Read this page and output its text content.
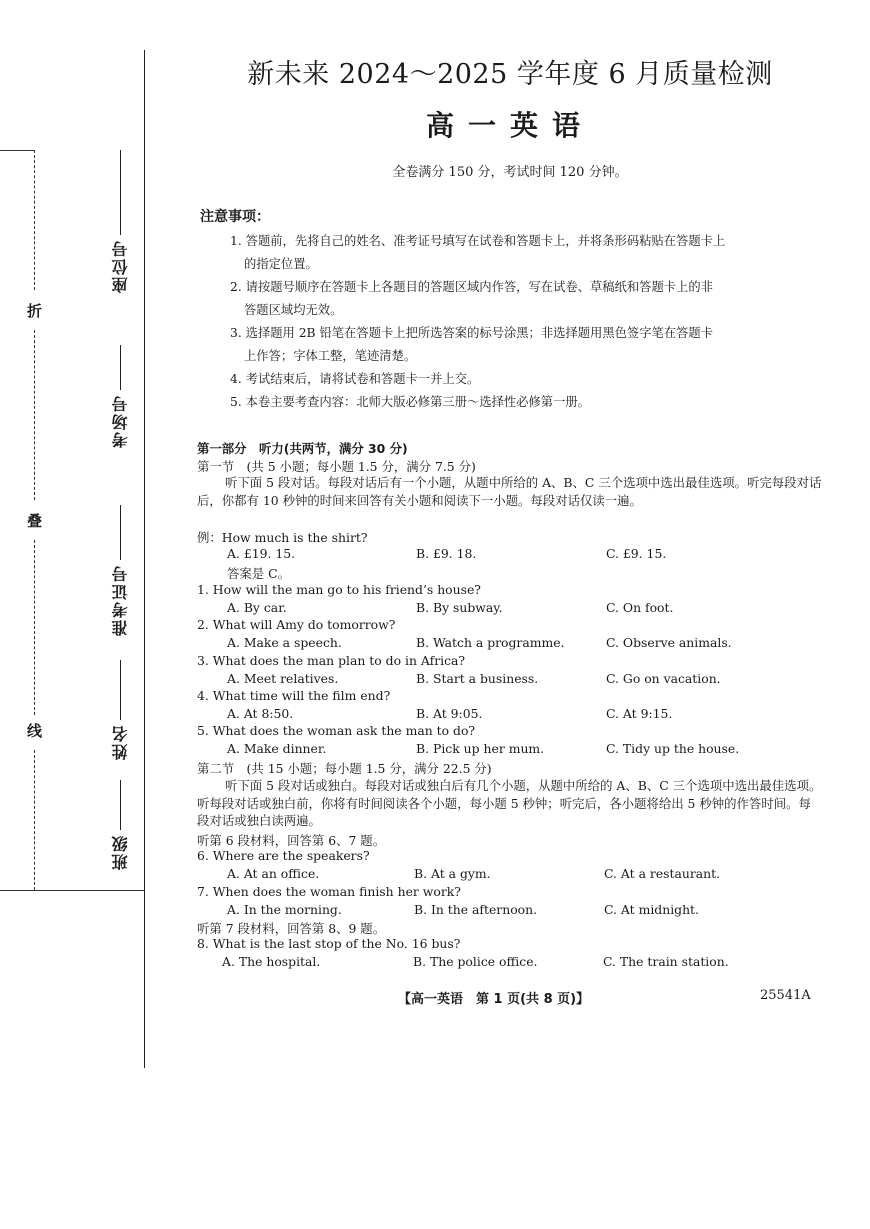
折
叠
线
座位号
考场号
准考证号
姓名
班级
新未来 2024～2025 学年度 6 月质量检测
高一英语
全卷满分 150 分，考试时间 120 分钟。
注意事项：
1. 答题前，先将自己的姓名、准考证号填写在试卷和答题卡上，并将条形码粘贴在答题卡上
的指定位置。
2. 请按题号顺序在答题卡上各题目的答题区域内作答，写在试卷、草稿纸和答题卡上的非
答题区域均无效。
3. 选择题用 2B 铅笔在答题卡上把所选答案的标号涂黑；非选择题用黑色签字笔在答题卡
上作答；字体工整，笔迹清楚。
4. 考试结束后，请将试卷和答题卡一并上交。
5. 本卷主要考查内容：北师大版必修第三册～选择性必修第一册。
第一部分　听力(共两节，满分 30 分)
第一节　(共 5 小题；每小题 1.5 分，满分 7.5 分)
听下面 5 段对话。每段对话后有一个小题，从题中所给的 A、B、C 三个选项中选出最佳选项。听完每段对话后，你都有 10 秒钟的时间来回答有关小题和阅读下一小题。每段对话仅读一遍。
例：How much is the shirt?
A. £19. 15.	B. £9. 18.	C. £9. 15.
答案是 C。
1. How will the man go to his friend’s house?
A. By car.	B. By subway.	C. On foot.
2. What will Amy do tomorrow?
A. Make a speech.	B. Watch a programme.	C. Observe animals.
3. What does the man plan to do in Africa?
A. Meet relatives.	B. Start a business.	C. Go on vacation.
4. What time will the film end?
A. At 8:50.	B. At 9:05.	C. At 9:15.
5. What does the woman ask the man to do?
A. Make dinner.	B. Pick up her mum.	C. Tidy up the house.
第二节　(共 15 小题；每小题 1.5 分，满分 22.5 分)
听下面 5 段对话或独白。每段对话或独白后有几个小题，从题中所给的 A、B、C 三个选项中选出最佳选项。听每段对话或独白前，你将有时间阅读各个小题，每小题 5 秒钟；听完后，各小题将给出 5 秒钟的作答时间。每段对话或独白读两遍。
听第 6 段材料，回答第 6、7 题。
6. Where are the speakers?
A. At an office.	B. At a gym.	C. At a restaurant.
7. When does the woman finish her work?
A. In the morning.	B. In the afternoon.	C. At midnight.
听第 7 段材料，回答第 8、9 题。
8. What is the last stop of the No. 16 bus?
A. The hospital.	B. The police office.	C. The train station.
【高一英语　第 1 页(共 8 页)】	25541A
